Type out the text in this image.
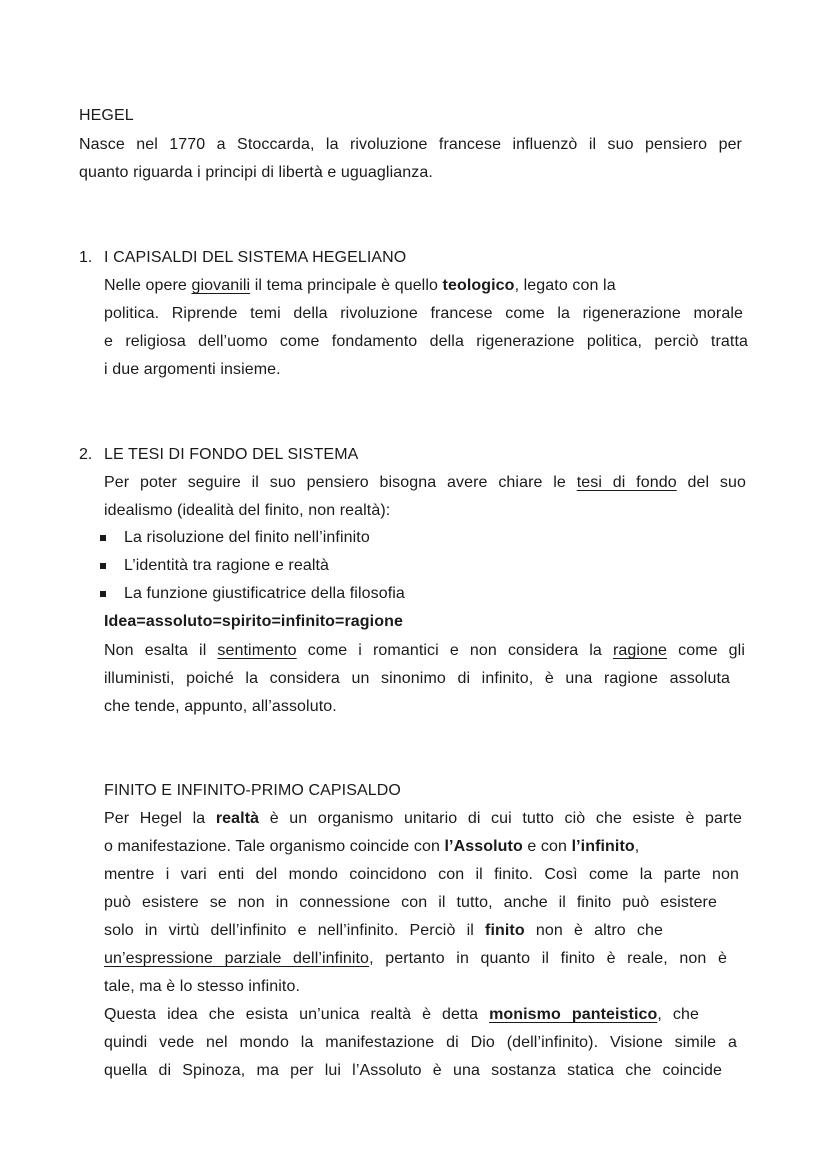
HEGEL
Nasce nel 1770 a Stoccarda, la rivoluzione francese influenzò il suo pensiero per
quanto riguarda i principi di libertà e uguaglianza.
1. I CAPISALDI DEL SISTEMA HEGELIANO
Nelle opere giovanili il tema principale è quello teologico, legato con la
politica. Riprende temi della rivoluzione francese come la rigenerazione morale
e religiosa dell’uomo come fondamento della rigenerazione politica, perciò tratta
i due argomenti insieme.
2. LE TESI DI FONDO DEL SISTEMA
Per poter seguire il suo pensiero bisogna avere chiare le tesi di fondo del suo
idealismo (idealità del finito, non realtà):
La risoluzione del finito nell’infinito
L’identità tra ragione e realtà
La funzione giustificatrice della filosofia
Idea=assoluto=spirito=infinito=ragione
Non esalta il sentimento come i romantici e non considera la ragione come gli
illuministi, poiché la considera un sinonimo di infinito, è una ragione assoluta
che tende, appunto, all’assoluto.
FINITO E INFINITO-PRIMO CAPISALDO
Per Hegel la realtà è un organismo unitario di cui tutto ciò che esiste è parte
o manifestazione. Tale organismo coincide con l’Assoluto e con l’infinito,
mentre i vari enti del mondo coincidono con il finito. Così come la parte non
può esistere se non in connessione con il tutto, anche il finito può esistere
solo in virtù dell’infinito e nell’infinito. Perciò il finito non è altro che
un’espressione parziale dell’infinito, pertanto in quanto il finito è reale, non è
tale, ma è lo stesso infinito.
Questa idea che esista un’unica realtà è detta monismo panteistico, che
quindi vede nel mondo la manifestazione di Dio (dell’infinito). Visione simile a
quella di Spinoza, ma per lui l’Assoluto è una sostanza statica che coincide
